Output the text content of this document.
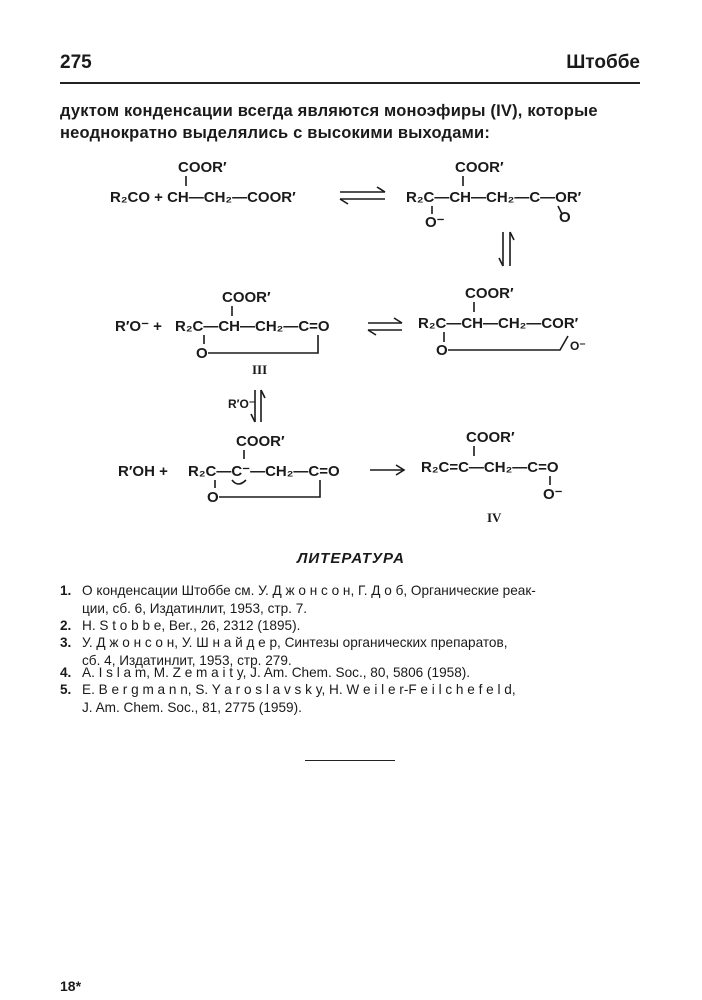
275	Штоббе
дуктом конденсации всегда являются моноэфиры (IV), которые
неоднократно выделялись с высокими выходами:
COOR′
R₂CO + CH—CH₂—COOR′
COOR′
R₂C—CH—CH₂—C—OR′
O⁻	O
COOR′
R′O⁻ + R₂C—CH—CH₂—C=O
O
III
COOR′
R₂C—CH—CH₂—COR′
O	O⁻
R′O⁻
COOR′
R′OH + R₂C—C⁻—CH₂—C=O
O
COOR′
R₂C=C—CH₂—C=O
O⁻
IV
ЛИТЕРАТУРА
1. О конденсации Штоббе см. У. Д ж о н с о н, Г. Д о б, Органические реак-
ции, сб. 6, Издатинлит, 1953, стр. 7.
2. H. S t o b b e, Ber., 26, 2312 (1895).
3. У. Д ж о н с о н, У. Ш н а й д е р, Синтезы органических препаратов,
сб. 4, Издатинлит, 1953, стр. 279.
4. A. I s l a m, M. Z e m a i t y, J. Am. Chem. Soc., 80, 5806 (1958).
5. E. B e r g m a n n, S. Y a r o s l a v s k y, H. W e i l e r-F e i l c h e f e l d,
J. Am. Chem. Soc., 81, 2775 (1959).
18*
